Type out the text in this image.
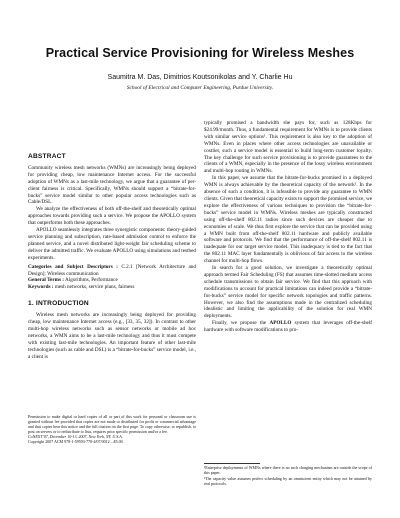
Practical Service Provisioning for Wireless Meshes
Saumitra M. Das, Dimitrios Koutsonikolas and Y. Charlie Hu
School of Electrical and Computer Engineering, Purdue University.
ABSTRACT

Community wireless mesh networks (WMNs) are increasingly being deployed for providing cheap, low maintenance Internet access. For the successful adoption of WMNs as a last-mile technology, we argue that a guarantee of per-client fairness is critical. Specifically, WMNs should support a “bitrate-for-bucks” service model similar to other popular access technologies such as Cable/DSL.

We analyze the effectiveness of both off-the-shelf and theoretically optimal approaches towards providing such a service. We propose the APOLLO system that outperforms both these approaches.

APOLLO seamlessly integrates three synergistic components: theory-guided service planning and subscription, rate-based admission control to enforce the planned service, and a novel distributed light-weight fair scheduling scheme to deliver the admitted traffic. We evaluate APOLLO using simulations and testbed experiments.

Categories and Subject Descriptors : C.2.1 [Network Architecture and Design]: Wireless communication
General Terms : Algorithms, Performance
Keywords : mesh networks, service plans, fairness
1. INTRODUCTION

Wireless mesh networks are increasingly being deployed for providing cheap, low maintenance Internet access (e.g., [33, 35, 32]). In contrast to other multi-hop wireless networks such as sensor networks or mobile ad hoc networks, a WMN aims to be a last-mile technology and thus it must compete with existing last-mile technologies. An important feature of other last-mile technologies (such as cable and DSL) is a “bitrate-for-bucks” service model, i.e., a client is

typically promised a bandwidth she pays for, such as 128Kbps for $24.99/month. Thus, a fundamental requirement for WMNs is to provide clients with similar service options¹. This requirement is also key to the adoption of WMNs. Even in places where other access technologies are unavailable or costlier, such a service model is essential to build long-term customer loyalty. The key challenge for such service provisioning is to provide guarantees to the clients of a WMN, especially in the presence of the lossy wireless environment and multi-hop routing in WMNs.

In this paper, we assume that the bitrate-for-bucks promised in a deployed WMN is always achievable by the theoretical capacity of the network². In the absence of such a condition, it is infeasible to provide any guarantee to WMN clients. Given that theoretical capacity exists to support the promised service, we explore the effectiveness of various techniques to provision the “bitrate-for-bucks” service model in WMNs. Wireless meshes are typically constructed using off-the-shelf 802.11 radios since such devices are cheaper due to economies of scale. We thus first explore the service that can be provided using a WMN built from off-the-shelf 802.11 hardware and publicly available software and protocols. We find that the performance of off-the-shelf 802.11 is inadequate for our target service model. This inadequacy is tied to the fact that the 802.11 MAC layer fundamentally is oblivious of fair access to the wireless channel for multi-hop flows.

In search for a good solution, we investigate a theoretically optimal approach termed Fair Scheduling (FS) that assumes time-slotted medium access schedule transmissions to obtain fair service. We find that this approach with modifications to account for practical limitations can indeed provide a “bitrate-for-bucks” service model for specific network topologies and traffic patterns. However, we also find the assumptions made in the centralized scheduling idealistic and limiting the applicability of the solution for real WMN deployments.

Finally, we propose the APOLLO system that leverages off-the-shelf hardware with software modifications to pro-

Permission to make digital or hard copies of all or part of this work for personal or classroom use is granted without fee provided that copies are not made or distributed for profit or commercial advantage and that copies bear this notice and the full citation on the first page. To copy otherwise, to republish, to post on servers or to redistribute to lists, requires prior specific permission and/or a fee.
CoNEXT’07, December 10-13, 2007, New York, NY, U.S.A.
Copyright 2007 ACM 978-1-59593-770-4/07/0012 ...$5.00.
¹Enterprise deployments of WMNs where there is no such charging mechanism are outside the scope of this paper.
²The capacity value assumes perfect scheduling by an omniscient entity which may not be attained by real protocols.
